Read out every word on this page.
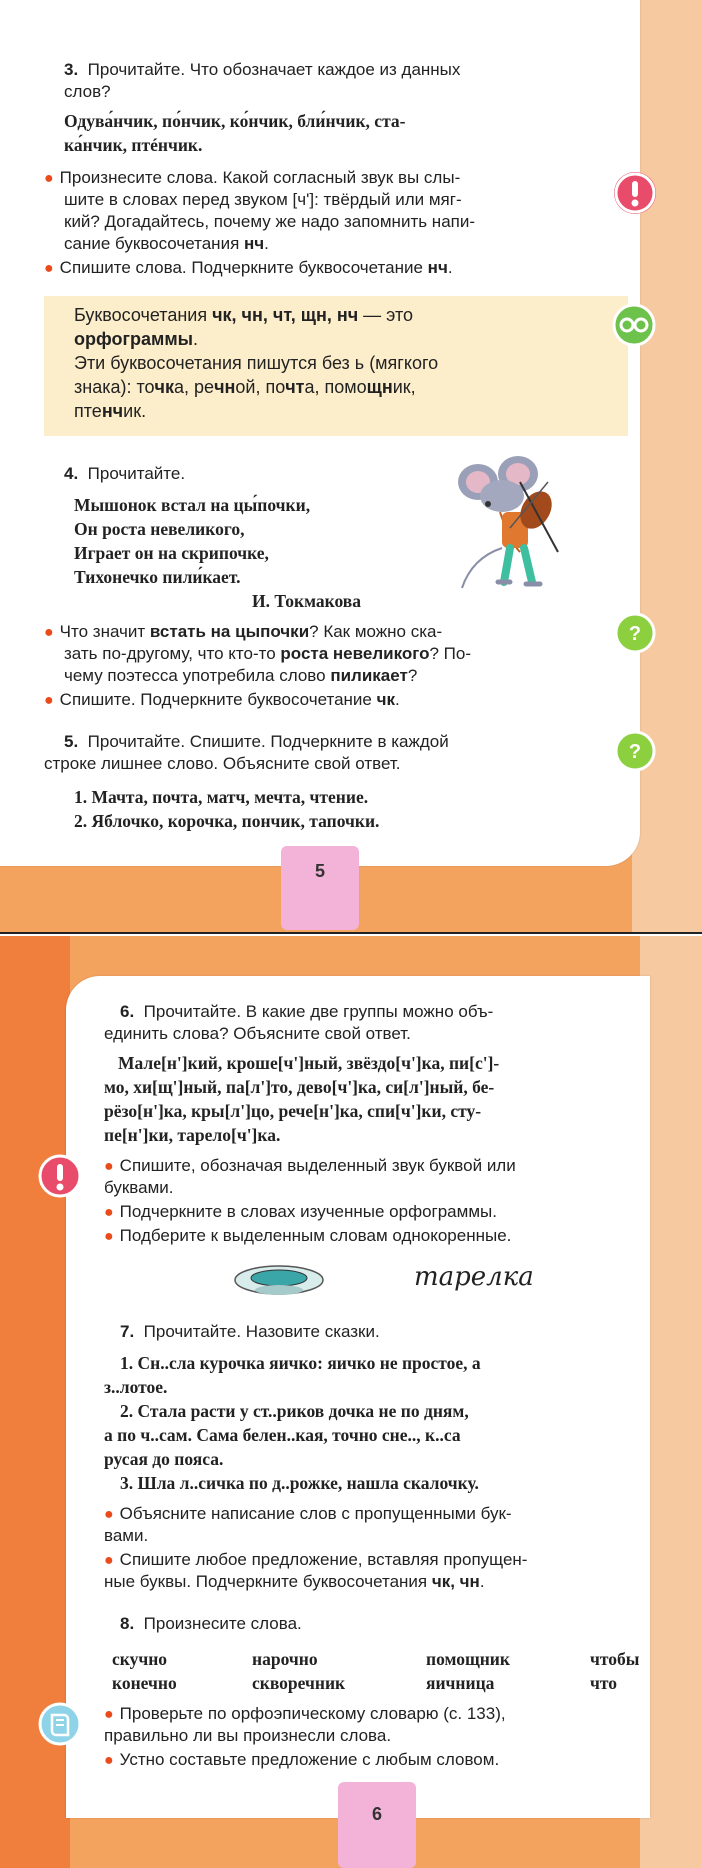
3. Прочитайте. Что обозначает каждое из данных
слов?
Одува́нчик, по́нчик, ко́нчик, бли́нчик, ста-
ка́нчик, птéнчик.
● Произнесите слова. Какой согласный звук вы слы-
шите в словах перед звуком [ч']: твёрдый или мяг-
кий? Догадайтесь, почему же надо запомнить напи-
сание буквосочетания нч.
● Спишите слова. Подчеркните буквосочетание нч.
Буквосочетания чк, чн, чт, щн, нч — это
орфограммы.
Эти буквосочетания пишутся без ь (мягкого
знака): точка, речной, почта, помощник,
птенчик.
4. Прочитайте.
Мышонок встал на цы́почки,
Он роста невеликого,
Играет он на скрипочке,
Тихонечко пили́кает.
И. Токмакова
● Что значит встать на цыпочки? Как можно ска-
зать по-другому, что кто-то роста невеликого? По-
чему поэтесса употребила слово пиликает?
● Спишите. Подчеркните буквосочетание чк.
?
5. Прочитайте. Спишите. Подчеркните в каждой
строке лишнее слово. Объясните свой ответ.
1. Мачта, почта, матч, мечта, чтение.
2. Яблочко, корочка, пончик, тапочки.
?
5
6. Прочитайте. В какие две группы можно объ-
единить слова? Объясните свой ответ.
Мале[н']кий, кроше[ч']ный, звёздо[ч']ка, пи[с']-
мо, хи[щ']ный, па[л']то, дево[ч']ка, си[л']ный, бе-
рёзо[н']ка, кры[л']цо, рече[н']ка, спи[ч']ки, сту-
пе[н']ки, тарело[ч']ка.
● Спишите, обозначая выделенный звук буквой или
буквами.
● Подчеркните в словах изученные орфограммы.
● Подберите к выделенным словам однокоренные.
тарелка
7. Прочитайте. Назовите сказки.
1. Сн..сла курочка яичко: яичко не простое, а
з..лотое.
2. Стала расти у ст..риков дочка не по дням,
а по ч..сам. Сама белен..кая, точно сне.., к..са
русая до пояса.
3. Шла л..сичка по д..рожке, нашла скалочку.
● Объясните написание слов с пропущенными бук-
вами.
● Спишите любое предложение, вставляя пропущен-
ные буквы. Подчеркните буквосочетания чк, чн.
8. Произнесите слова.
скучно
конечно
нарочно
скворечник
помощник
яичница
чтобы
что
● Проверьте по орфоэпическому словарю (с. 133),
правильно ли вы произнесли слова.
● Устно составьте предложение с любым словом.
6
